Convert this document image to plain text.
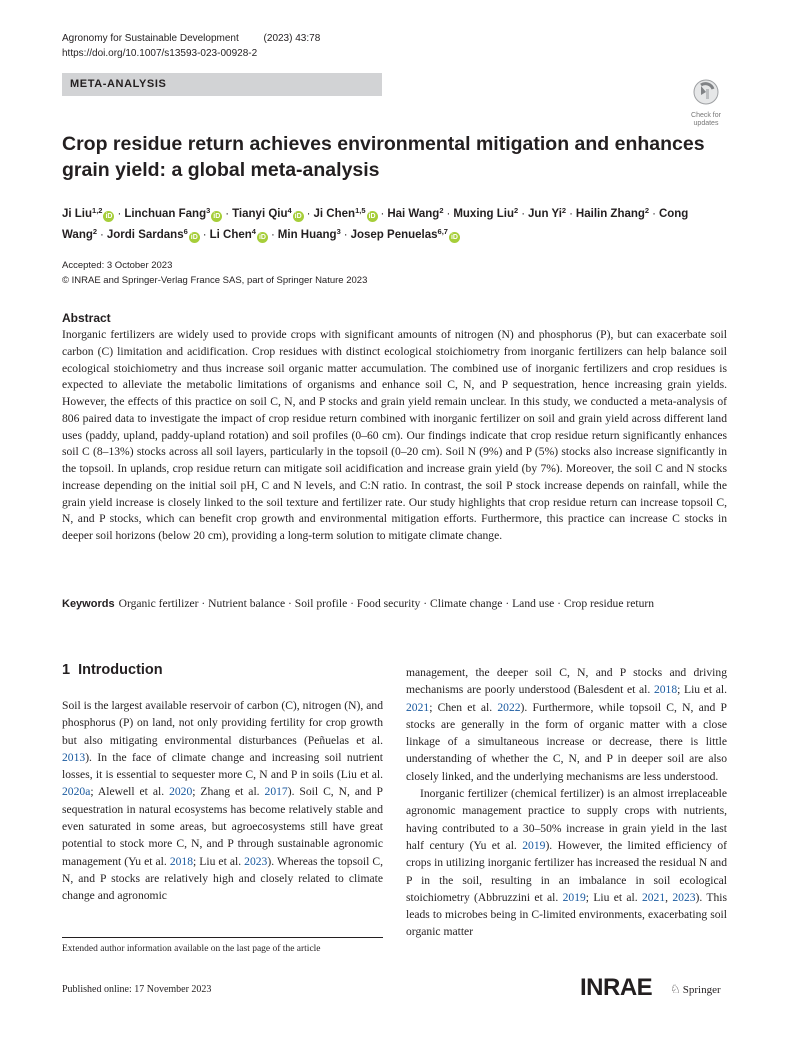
Agronomy for Sustainable Development (2023) 43:78
https://doi.org/10.1007/s13593-023-00928-2
META-ANALYSIS
Check for updates
Crop residue return achieves environmental mitigation and enhances grain yield: a global meta-analysis
Ji Liu$^{1,2}$iD · Linchuan Fang$^3$iD · Tianyi Qiu$^4$iD · Ji Chen$^{1,5}$iD · Hai Wang$^2$ · Muxing Liu$^2$ · Jun $Yi^2$ · Hailin Zhang$^2$ · Cong Wang$^2$ · Jordi Sardans$^6$iD · Li Chen$^4$iD · Min Huang$^3$ · Josep Penuelas$^{6,7}$iD
Accepted: 3 October 2023
© INRAE and Springer-Verlag France SAS, part of Springer Nature 2023
Abstract

Inorganic fertilizers are widely used to provide crops with significant amounts of nitrogen (N) and phosphorus (P), but can exacerbate soil carbon (C) limitation and acidification. Crop residues with distinct ecological stoichiometry from inorganic fertilizers can help balance soil ecological stoichiometry and thus increase soil organic matter accumulation. The combined use of inorganic fertilizers and crop residues is expected to alleviate the metabolic limitations of organisms and enhance soil C, N, and P sequestration, hence increasing grain yields. However, the effects of this practice on soil C, N, and P stocks and grain yield remain unclear. In this study, we conducted a meta-analysis of 806 paired data to investigate the impact of crop residue return combined with inorganic fertilizer on soil and grain yield across different land uses (paddy, upland, paddy-upland rotation) and soil profiles (0–60 cm). Our findings indicate that crop residue return significantly enhances soil C (8–13%) stocks across all soil layers, particularly in the topsoil (0–20 cm). Soil N (9%) and P (5%) stocks also increase significantly in the topsoil. In uplands, crop residue return can mitigate soil acidification and increase grain yield (by 7%). Moreover, the soil C and N stocks increase depending on the initial soil pH, C and N levels, and C:N ratio. In contrast, the soil P stock increase depends on rainfall, while the grain yield increase is closely linked to the soil texture and fertilizer rate. Our study highlights that crop residue return can increase topsoil C, N, and P stocks, which can benefit crop growth and environmental mitigation efforts. Furthermore, this practice can increase C stocks in deeper soil horizons (below 20 cm), providing a long-term solution to mitigate climate change.

Keywords Organic fertilizer · Nutrient balance · Soil profile · Food security · Climate change · Land use · Crop residue return
1 Introduction

Soil is the largest available reservoir of carbon (C), nitrogen (N), and phosphorus (P) on land, not only providing fertility for crop growth but also mitigating environmental disturbances (Peñuelas et al. 2013). In the face of climate change and increasing soil nutrient losses, it is essential to sequester more C, N and P in soils (Liu et al. 2020a; Alewell et al. 2020; Zhang et al. 2017). Soil C, N, and P sequestration in natural ecosystems has become relatively stable and even saturated in some areas, but agroecosystems still have great potential to stock more C, N, and P through sustainable agronomic management (Yu et al. 2018; Liu et al. 2023). Whereas the topsoil C, N, and P stocks are relatively high and closely related to climate change and agronomic

management, the deeper soil C, N, and P stocks and driving mechanisms are poorly understood (Balesdent et al. 2018; Liu et al. 2021; Chen et al. 2022). Furthermore, while topsoil C, N, and P stocks are generally in the form of organic matter with a close linkage of a simultaneous increase or decrease, there is little understanding of whether the C, N, and P in deeper soil are also closely linked, and the underlying mechanisms are less understood.
Inorganic fertilizer (chemical fertilizer) is an almost irreplaceable agronomic management practice to supply crops with nutrients, having contributed to a 30–50% increase in grain yield in the last half century (Yu et al. 2019). However, the limited efficiency of crops in utilizing inorganic fertilizer has increased the residual N and P in the soil, resulting in an imbalance in soil ecological stoichiometry (Abbruzzini et al. 2019; Liu et al. 2021, 2023). This leads to microbes being in C-limited environments, exacerbating soil organic matter
Extended author information available on the last page of the article
Published online: 17 November 2023	INRAE ♘ Springer
